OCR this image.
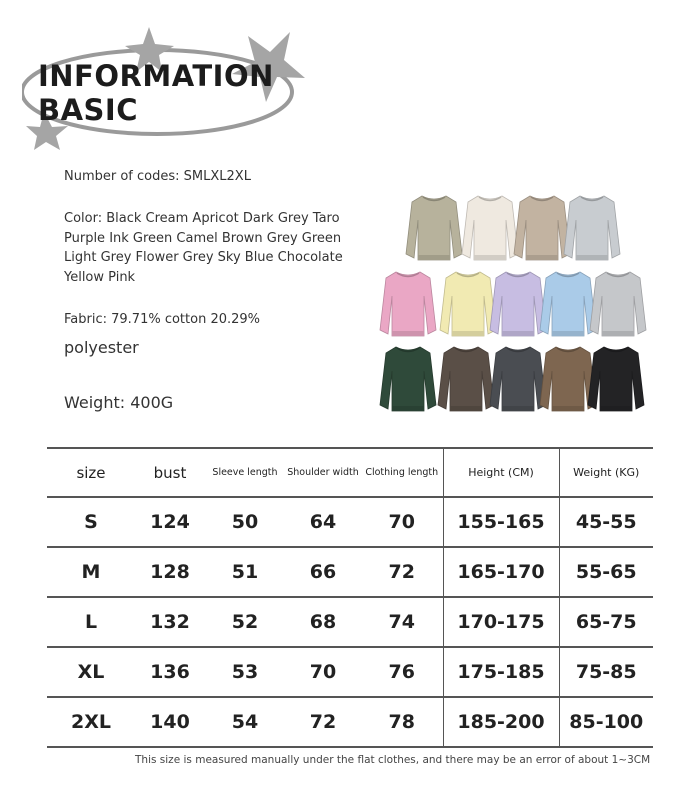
INFORMATION
BASIC
Number of codes: SMLXL2XL
Color: Black Cream Apricot Dark Grey Taro Purple Ink Green Camel Brown Grey Green Light Grey Flower Grey Sky Blue Chocolate Yellow Pink
Fabric: 79.71% cotton 20.29%
polyester
Weight: 400G
size	bust	Sleeve length	Shoulder width	Clothing length	Height (CM)	Weight (KG)
S	124	50	64	70	155-165	45-55
M	128	51	66	72	165-170	55-65
L	132	52	68	74	170-175	65-75
XL	136	53	70	76	175-185	75-85
2XL	140	54	72	78	185-200	85-100
This size is measured manually under the flat clothes, and there may be an error of about 1~3CM
